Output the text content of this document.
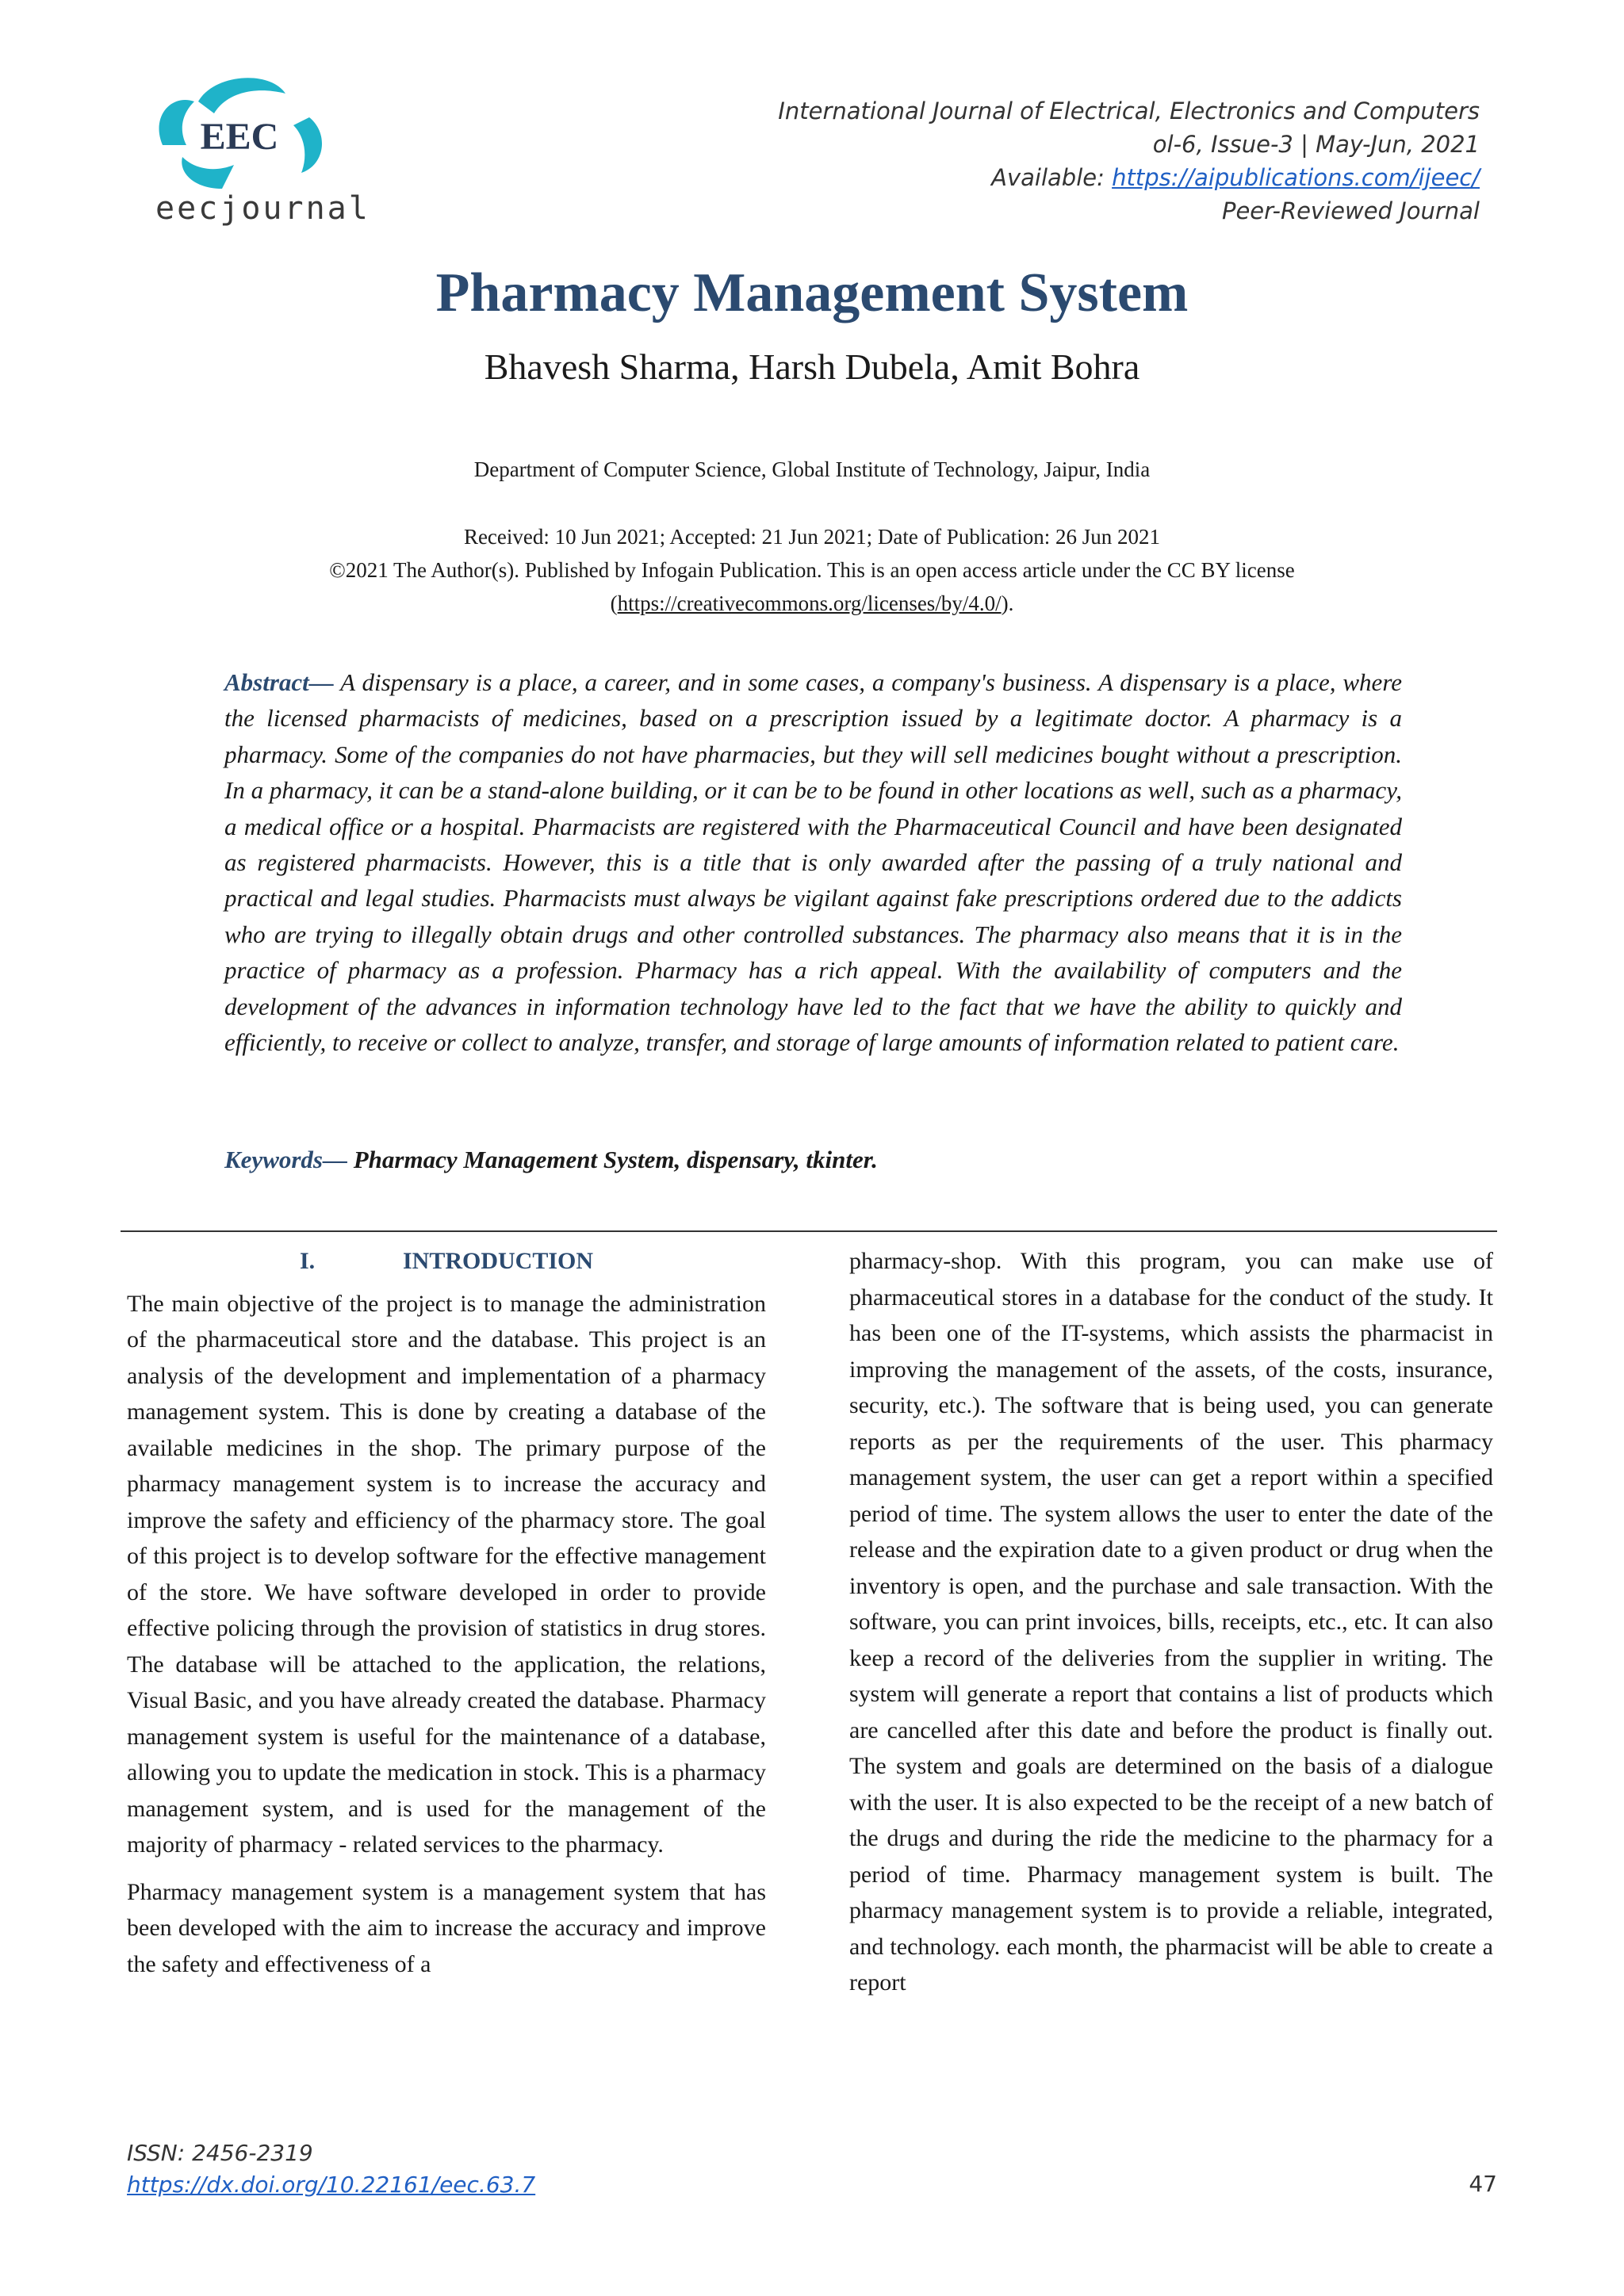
EEC
eecjournal
International Journal of Electrical, Electronics and Computers
ol-6, Issue-3 | May-Jun, 2021
Available: https://aipublications.com/ijeec/
Peer-Reviewed Journal
Pharmacy Management System
Bhavesh Sharma, Harsh Dubela, Amit Bohra
Department of Computer Science, Global Institute of Technology, Jaipur, India
Received: 10 Jun 2021; Accepted: 21 Jun 2021; Date of Publication: 26 Jun 2021
©2021 The Author(s). Published by Infogain Publication. This is an open access article under the CC BY license
(https://creativecommons.org/licenses/by/4.0/).
Abstract— A dispensary is a place, a career, and in some cases, a company's business. A dispensary is a place, where the licensed pharmacists of medicines, based on a prescription issued by a legitimate doctor. A pharmacy is a pharmacy. Some of the companies do not have pharmacies, but they will sell medicines bought without a prescription. In a pharmacy, it can be a stand-alone building, or it can be to be found in other locations as well, such as a pharmacy, a medical office or a hospital. Pharmacists are registered with the Pharmaceutical Council and have been designated as registered pharmacists. However, this is a title that is only awarded after the passing of a truly national and practical and legal studies. Pharmacists must always be vigilant against fake prescriptions ordered due to the addicts who are trying to illegally obtain drugs and other controlled substances. The pharmacy also means that it is in the practice of pharmacy as a profession. Pharmacy has a rich appeal. With the availability of computers and the development of the advances in information technology have led to the fact that we have the ability to quickly and efficiently, to receive or collect to analyze, transfer, and storage of large amounts of information related to patient care.
Keywords— Pharmacy Management System, dispensary, tkinter.
I.	INTRODUCTION

The main objective of the project is to manage the administration of the pharmaceutical store and the database. This project is an analysis of the development and implementation of a pharmacy management system. This is done by creating a database of the available medicines in the shop. The primary purpose of the pharmacy management system is to increase the accuracy and improve the safety and efficiency of the pharmacy store. The goal of this project is to develop software for the effective management of the store. We have software developed in order to provide effective policing through the provision of statistics in drug stores. The database will be attached to the application, the relations, Visual Basic, and you have already created the database. Pharmacy management system is useful for the maintenance of a database, allowing you to update the medication in stock. This is a pharmacy management system, and is used for the management of the majority of pharmacy - related services to the pharmacy.

Pharmacy management system is a management system that has been developed with the aim to increase the accuracy and improve the safety and effectiveness of a

pharmacy-shop. With this program, you can make use of pharmaceutical stores in a database for the conduct of the study. It has been one of the IT-systems, which assists the pharmacist in improving the management of the assets, of the costs, insurance, security, etc.). The software that is being used, you can generate reports as per the requirements of the user. This pharmacy management system, the user can get a report within a specified period of time. The system allows the user to enter the date of the release and the expiration date to a given product or drug when the inventory is open, and the purchase and sale transaction. With the software, you can print invoices, bills, receipts, etc., etc. It can also keep a record of the deliveries from the supplier in writing. The system will generate a report that contains a list of products which are cancelled after this date and before the product is finally out. The system and goals are determined on the basis of a dialogue with the user. It is also expected to be the receipt of a new batch of the drugs and during the ride the medicine to the pharmacy for a period of time. Pharmacy management system is built. The pharmacy management system is to provide a reliable, integrated, and technology. each month, the pharmacist will be able to create a report

ISSN: 2456-2319
https://dx.doi.org/10.22161/eec.63.7	47
